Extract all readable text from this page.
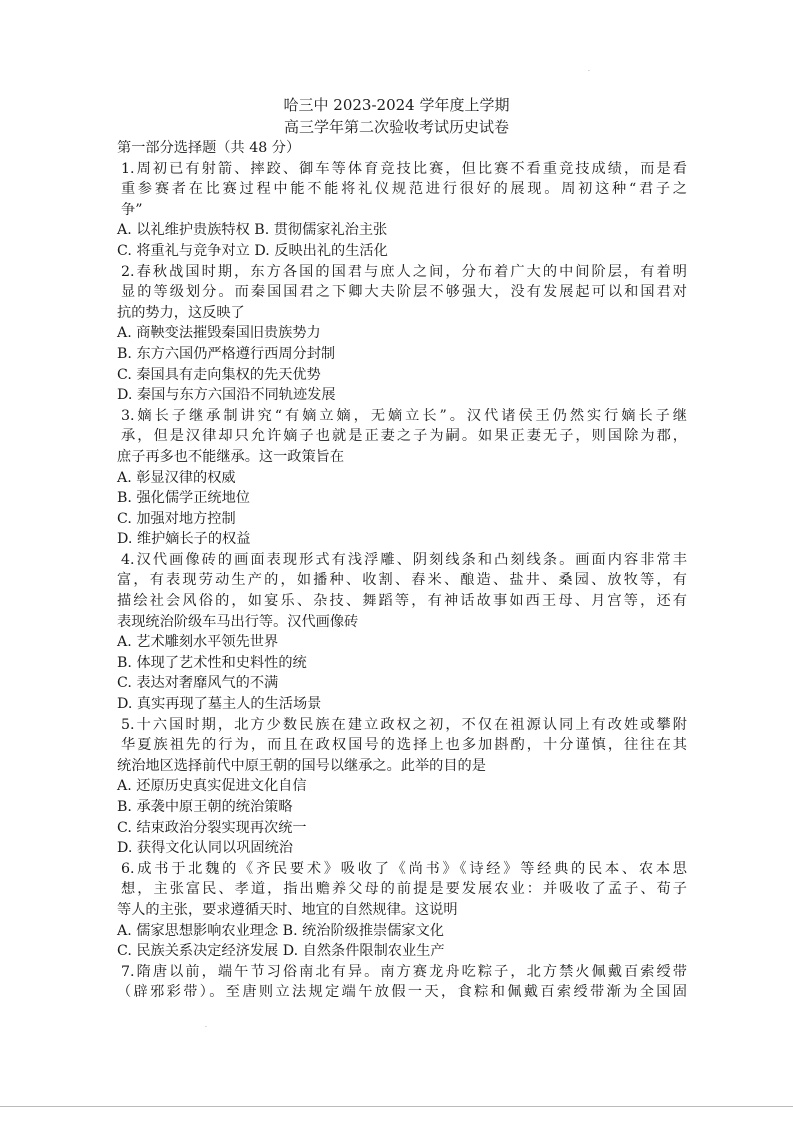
·
哈三中 2023-2024 学年度上学期
高三学年第二次验收考试历史试卷
第一部分选择题（共 48 分）
1.周初已有射箭、摔跤、御车等体育竞技比赛，但比赛不看重竞技成绩，而是看
重参赛者在比赛过程中能不能将礼仪规范进行很好的展现。周初这种“君子之
争”
A. 以礼维护贵族特权 B. 贯彻儒家礼治主张
C. 将重礼与竞争对立 D. 反映出礼的生活化
2.春秋战国时期，东方各国的国君与庶人之间，分布着广大的中间阶层，有着明
显的等级划分。而秦国国君之下卿大夫阶层不够强大，没有发展起可以和国君对
抗的势力，这反映了
A. 商鞅变法摧毁秦国旧贵族势力
B. 东方六国仍严格遵行西周分封制
C. 秦国具有走向集权的先天优势
D. 秦国与东方六国沿不同轨迹发展
3.嫡长子继承制讲究“有嫡立嫡，无嫡立长”。汉代诸侯王仍然实行嫡长子继
承，但是汉律却只允许嫡子也就是正妻之子为嗣。如果正妻无子，则国除为郡，
庶子再多也不能继承。这一政策旨在
A. 彰显汉律的权威
B. 强化儒学正统地位
C. 加强对地方控制
D. 维护嫡长子的权益
4.汉代画像砖的画面表现形式有浅浮雕、阴刻线条和凸刻线条。画面内容非常丰
富，有表现劳动生产的，如播种、收割、舂米、酿造、盐井、桑园、放牧等，有
描绘社会风俗的，如宴乐、杂技、舞蹈等，有神话故事如西王母、月宫等，还有
表现统治阶级车马出行等。汉代画像砖
A. 艺术雕刻水平领先世界
B. 体现了艺术性和史料性的统
C. 表达对奢靡风气的不满
D. 真实再现了墓主人的生活场景
5.十六国时期，北方少数民族在建立政权之初，不仅在祖源认同上有改姓或攀附
华夏族祖先的行为，而且在政权国号的选择上也多加斟酌，十分谨慎，往往在其
统治地区选择前代中原王朝的国号以继承之。此举的目的是
A. 还原历史真实促进文化自信
B. 承袭中原王朝的统治策略
C. 结束政治分裂实现再次统一
D. 获得文化认同以巩固统治
6.成书于北魏的《齐民要术》吸收了《尚书》《诗经》等经典的民本、农本思
想，主张富民、孝道，指出赡养父母的前提是要发展农业：并吸收了孟子、荀子
等人的主张，要求遵循天时、地宜的自然规律。这说明
A. 儒家思想影响农业理念 B. 统治阶级推崇儒家文化
C. 民族关系决定经济发展 D. 自然条件限制农业生产
7.隋唐以前，端午节习俗南北有异。南方赛龙舟吃粽子，北方禁火佩戴百索绶带
（辟邪彩带）。至唐则立法规定端午放假一天，食粽和佩戴百索绶带渐为全国固
·
